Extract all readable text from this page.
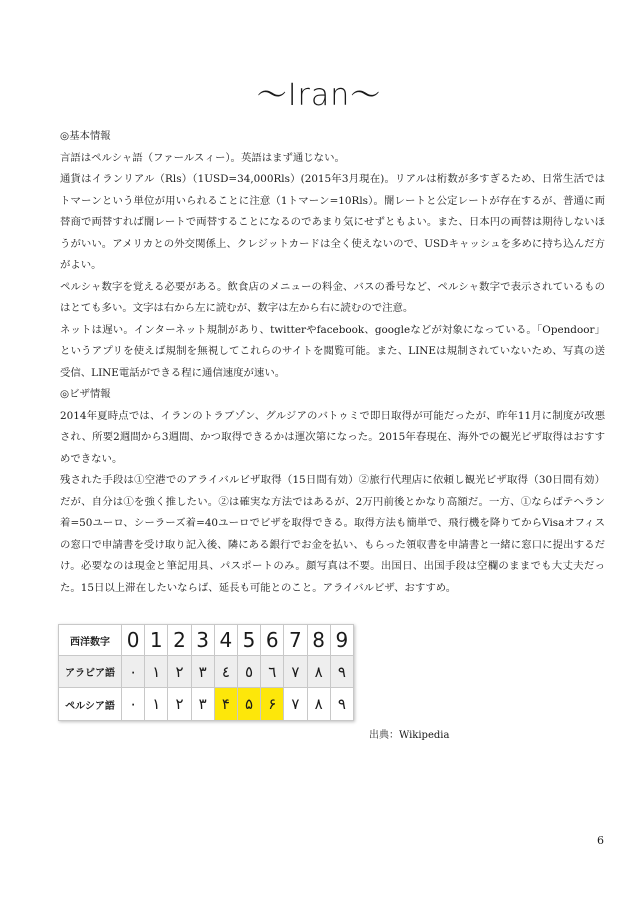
〜Iran〜

◎基本情報

言語はペルシャ語（ファールスィー）。英語はまず通じない。

通貨はイランリアル（Rls）（1USD=34,000Rls）(2015年3月現在)。リアルは桁数が多すぎるため、日常生活ではトマーンという単位が用いられることに注意（1トマーン=10Rls）。闇レートと公定レートが存在するが、普通に両替商で両替すれば闇レートで両替することになるのであまり気にせずともよい。また、日本円の両替は期待しないほうがいい。アメリカとの外交関係上、クレジットカードは全く使えないので、USDキャッシュを多めに持ち込んだ方がよい。

ペルシャ数字を覚える必要がある。飲食店のメニューの料金、バスの番号など、ペルシャ数字で表示されているものはとても多い。文字は右から左に読むが、数字は左から右に読むので注意。

ネットは遅い。インターネット規制があり、twitterやfacebook、googleなどが対象になっている。「Opendoor」というアプリを使えば規制を無視してこれらのサイトを閲覧可能。また、LINEは規制されていないため、写真の送受信、LINE電話ができる程に通信速度が速い。

◎ビザ情報

2014年夏時点では、イランのトラブゾン、グルジアのバトゥミで即日取得が可能だったが、昨年11月に制度が改悪され、所要2週間から3週間、かつ取得できるかは運次第になった。2015年春現在、海外での観光ビザ取得はおすすめできない。

残された手段は①空港でのアライバルビザ取得（15日間有効）②旅行代理店に依頼し観光ビザ取得（30日間有効）だが、自分は①を強く推したい。②は確実な方法ではあるが、2万円前後とかなり高額だ。一方、①ならばテヘラン着=50ユーロ、シーラーズ着=40ユーロでビザを取得できる。取得方法も簡単で、飛行機を降りてからVisaオフィスの窓口で申請書を受け取り記入後、隣にある銀行でお金を払い、もらった領収書を申請書と一緒に窓口に提出するだけ。必要なのは現金と筆記用具、パスポートのみ。顔写真は不要。出国日、出国手段は空欄のままでも大丈夫だった。15日以上滞在したいならば、延長も可能とのこと。アライバルビザ、おすすめ。

西洋数字	0	1	2	3	4	5	6	7	8	9
アラビア語	٠	١	٢	٣	٤	٥	٦	٧	٨	٩
ペルシア語	۰	۱	۲	۳	۴	۵	۶	۷	۸	۹
出典：Wikipedia
6
